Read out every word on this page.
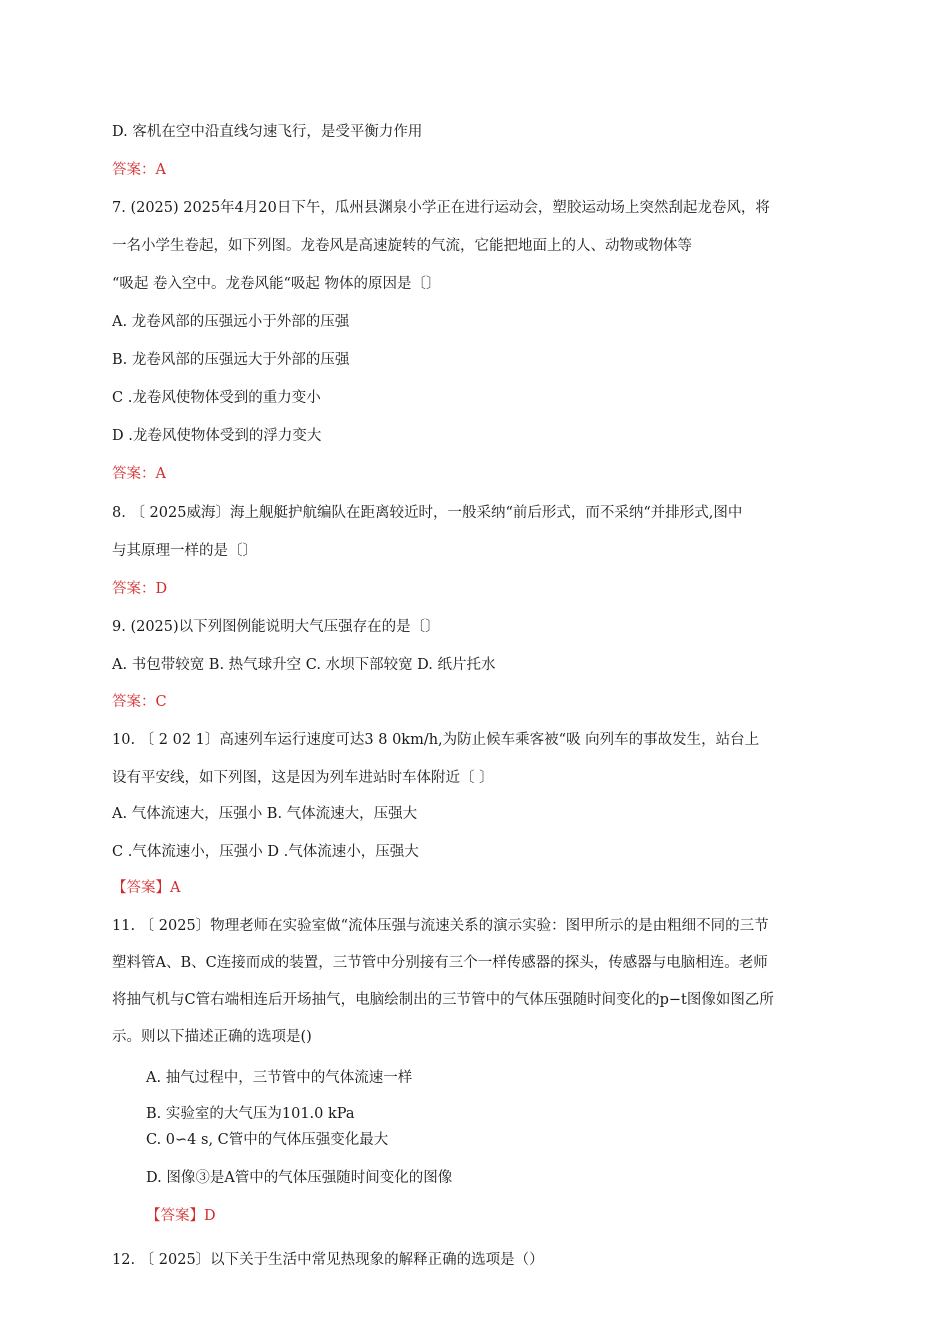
D. 客机在空中沿直线匀速飞行，是受平衡力作用
答案：A
7. (2025) 2025年4月20日下午，瓜州县渊泉小学正在进行运动会，塑胶运动场上突然刮起龙卷风，将
一名小学生卷起，如下列图。龙卷风是高速旋转的气流，它能把地面上的人、动物或物体等
“吸起 卷入空中。龙卷风能“吸起 物体的原因是〔〕
A. 龙卷风部的压强远小于外部的压强
B. 龙卷风部的压强远大于外部的压强
C .龙卷风使物体受到的重力变小
D .龙卷风使物体受到的浮力变大
答案：A
8. 〔 2025威海〕海上舰艇护航编队在距离较近时，一般采纳“前后形式，而不采纳“并排形式,图中
与其原理一样的是〔〕
答案：D
9. (2025)以下列图例能说明大气压强存在的是〔〕
A. 书包带较宽 B. 热气球升空 C. 水坝下部较宽 D. 纸片托水
答案：C
10. 〔 2 02 1〕高速列车运行速度可达3 8 0km/h,为防止候车乘客被“吸 向列车的事故发生，站台上
设有平安线，如下列图，这是因为列车进站时车体附近〔 〕
A. 气体流速大，压强小 B. 气体流速大，压强大
C .气体流速小，压强小 D .气体流速小，压强大
【答案】A
11. 〔 2025〕物理老师在实验室做“流体压强与流速关系的演示实验：图甲所示的是由粗细不同的三节
塑料管A、B、C连接而成的装置，三节管中分别接有三个一样传感器的探头，传感器与电脑相连。老师
将抽气机与C管右端相连后开场抽气，电脑绘制出的三节管中的气体压强随时间变化的p−t图像如图乙所
示。则以下描述正确的选项是()
A. 抽气过程中，三节管中的气体流速一样
B. 实验室的大气压为101.0 kPa
C. 0∽4 s, C管中的气体压强变化最大
D. 图像③是A管中的气体压强随时间变化的图像
【答案】D
12. 〔 2025〕以下关于生活中常见热现象的解释正确的选项是（）
